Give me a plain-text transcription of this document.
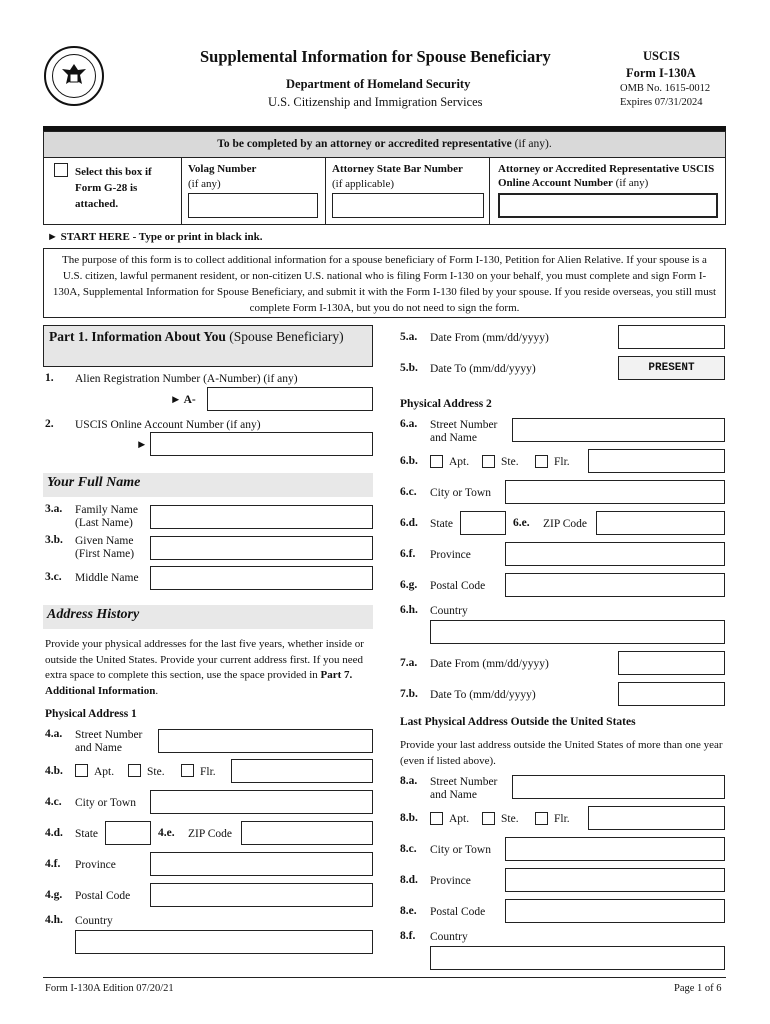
Supplemental Information for Spouse Beneficiary
Department of Homeland Security
U.S. Citizenship and Immigration Services
USCIS
Form I-130A
OMB No. 1615-0012
Expires 07/31/2024
To be completed by an attorney or accredited representative (if any).
Select this box if Form G-28 is attached.
Volag Number
(if any)
Attorney State Bar Number
(if applicable)
Attorney or Accredited Representative USCIS Online Account Number (if any)
► START HERE - Type or print in black ink.
The purpose of this form is to collect additional information for a spouse beneficiary of Form I-130, Petition for Alien Relative. If your spouse is a U.S. citizen, lawful permanent resident, or non-citizen U.S. national who is filing Form I-130 on your behalf, you must complete and sign Form I-130A, Supplemental Information for Spouse Beneficiary, and submit it with the Form I-130 filed by your spouse. If you reside overseas, you still must complete Form I-130A, but you do not need to sign the form.
Part 1. Information About You (Spouse Beneficiary)
1. Alien Registration Number (A-Number) (if any)
► A-
2. USCIS Online Account Number (if any)
►
Your Full Name
3.a. Family Name
(Last Name)
3.b. Given Name
(First Name)
3.c. Middle Name
Address History
Provide your physical addresses for the last five years, whether inside or outside the United States. Provide your current address first. If you need extra space to complete this section, use the space provided in Part 7. Additional Information.
Physical Address 1
4.a. Street Number
and Name
4.b.	Apt.	Ste.	Flr.
4.c. City or Town
4.d. State	4.e. ZIP Code
4.f. Province
4.g. Postal Code
4.h. Country
5.a. Date From (mm/dd/yyyy)
5.b. Date To (mm/dd/yyyy)	PRESENT
Physical Address 2
6.a. Street Number
and Name
6.b.	Apt.	Ste.	Flr.
6.c. City or Town
6.d. State	6.e. ZIP Code
6.f. Province
6.g. Postal Code
6.h. Country
7.a. Date From (mm/dd/yyyy)
7.b. Date To (mm/dd/yyyy)
Last Physical Address Outside the United States
Provide your last address outside the United States of more than one year (even if listed above).
8.a. Street Number
and Name
8.b.	Apt.	Ste.	Flr.
8.c. City or Town
8.d. Province
8.e. Postal Code
8.f. Country
Form I-130A Edition 07/20/21	Page 1 of 6
